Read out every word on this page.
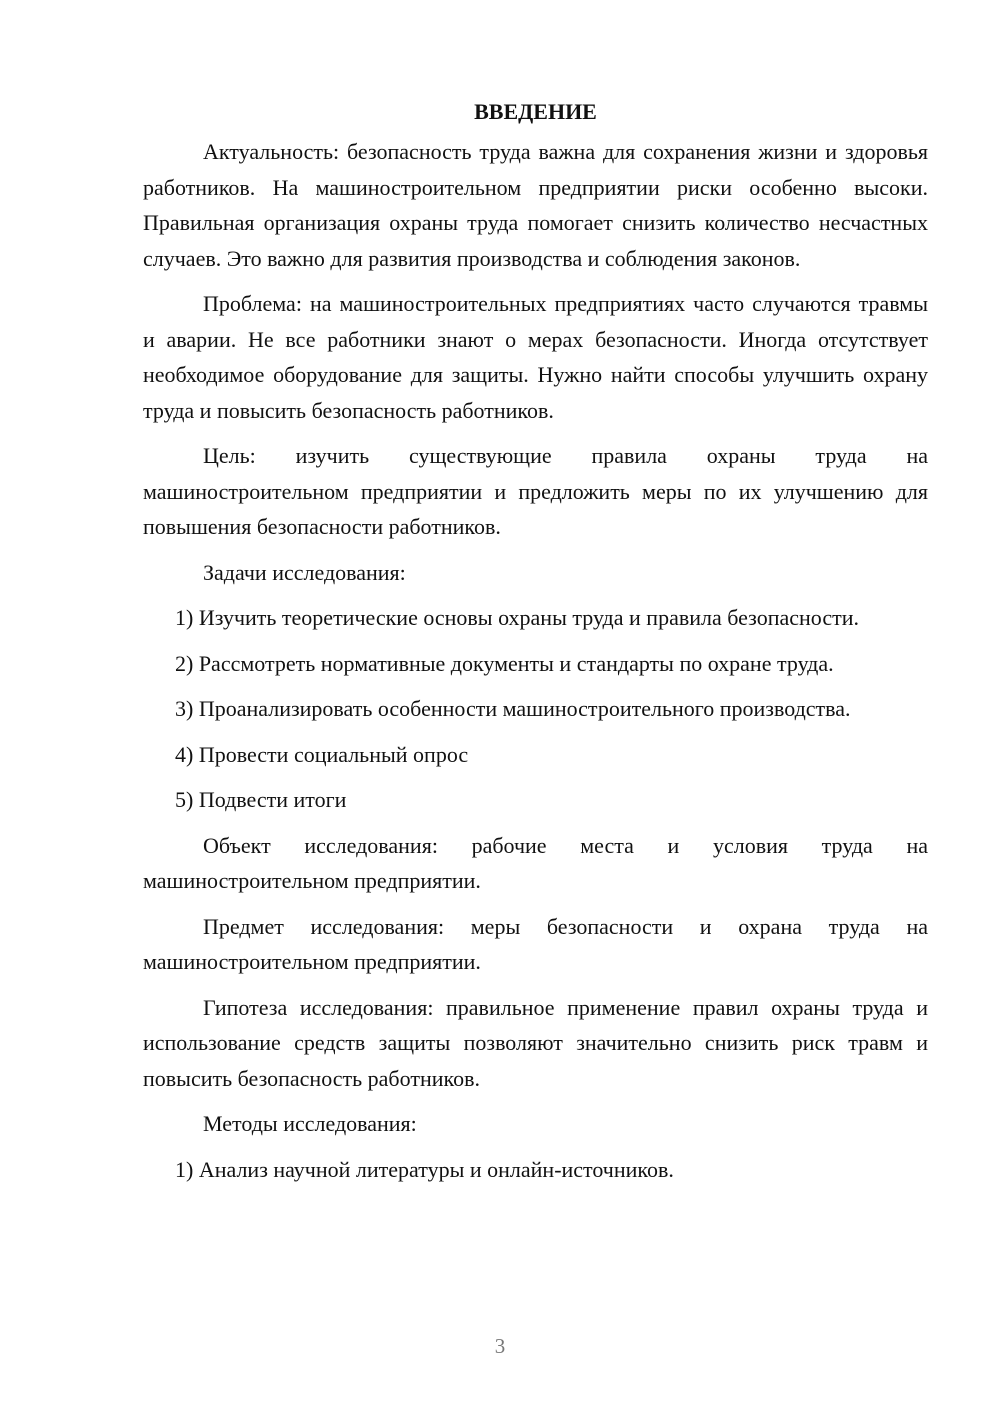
ВВЕДЕНИЕ

Актуальность: безопасность труда важна для сохранения жизни и здоровья работников. На машиностроительном предприятии риски особенно высоки. Правильная организация охраны труда помогает снизить количество несчастных случаев. Это важно для развития производства и соблюдения законов.

Проблема: на машиностроительных предприятиях часто случаются травмы и аварии. Не все работники знают о мерах безопасности. Иногда отсутствует необходимое оборудование для защиты. Нужно найти способы улучшить охрану труда и повысить безопасность работников.

Цель: изучить существующие правила охраны труда на машиностроительном предприятии и предложить меры по их улучшению для повышения безопасности работников.

Задачи исследования:

1) Изучить теоретические основы охраны труда и правила безопасности.

2) Рассмотреть нормативные документы и стандарты по охране труда.

3) Проанализировать особенности машиностроительного производства.

4) Провести социальный опрос

5) Подвести итоги

Объект исследования: рабочие места и условия труда на машиностроительном предприятии.

Предмет исследования: меры безопасности и охрана труда на машиностроительном предприятии.

Гипотеза исследования: правильное применение правил охраны труда и использование средств защиты позволяют значительно снизить риск травм и повысить безопасность работников.

Методы исследования:

1) Анализ научной литературы и онлайн-источников.

3
